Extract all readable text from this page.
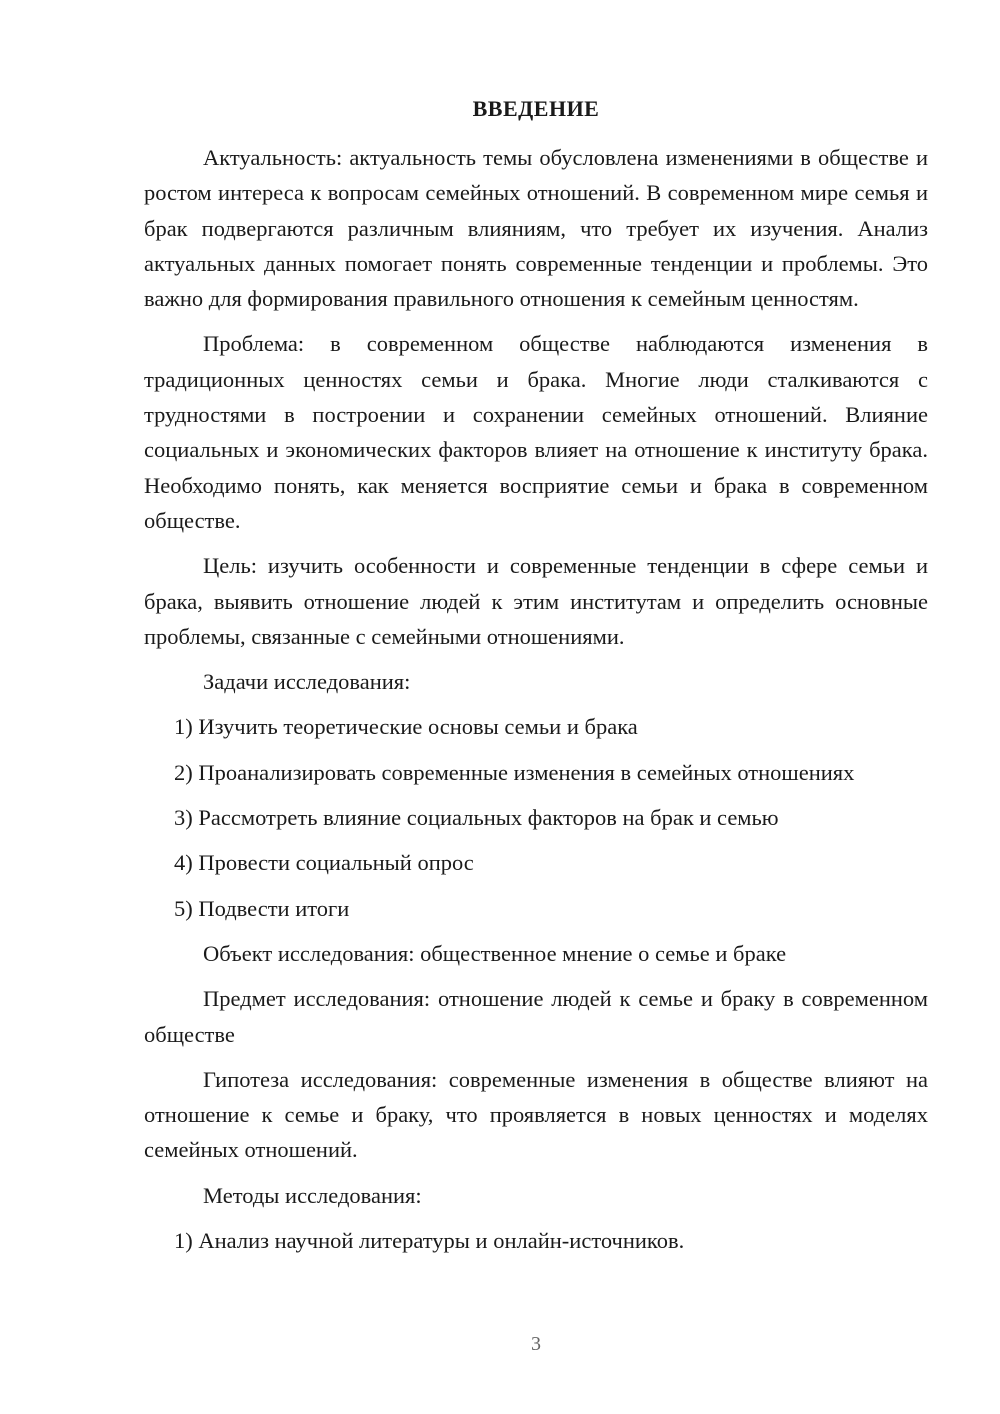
ВВЕДЕНИЕ

Актуальность: актуальность темы обусловлена изменениями в обществе и ростом интереса к вопросам семейных отношений. В современном мире семья и брак подвергаются различным влияниям, что требует их изучения. Анализ актуальных данных помогает понять современные тенденции и проблемы. Это важно для формирования правильного отношения к семейным ценностям.

Проблема: в современном обществе наблюдаются изменения в традиционных ценностях семьи и брака. Многие люди сталкиваются с трудностями в построении и сохранении семейных отношений. Влияние социальных и экономических факторов влияет на отношение к институту брака. Необходимо понять, как меняется восприятие семьи и брака в современном обществе.

Цель: изучить особенности и современные тенденции в сфере семьи и брака, выявить отношение людей к этим институтам и определить основные проблемы, связанные с семейными отношениями.

Задачи исследования:

1) Изучить теоретические основы семьи и брака

2) Проанализировать современные изменения в семейных отношениях

3) Рассмотреть влияние социальных факторов на брак и семью

4) Провести социальный опрос

5) Подвести итоги

Объект исследования: общественное мнение о семье и браке

Предмет исследования: отношение людей к семье и браку в современном обществе

Гипотеза исследования: современные изменения в обществе влияют на отношение к семье и браку, что проявляется в новых ценностях и моделях семейных отношений.

Методы исследования:

1) Анализ научной литературы и онлайн-источников.

3
